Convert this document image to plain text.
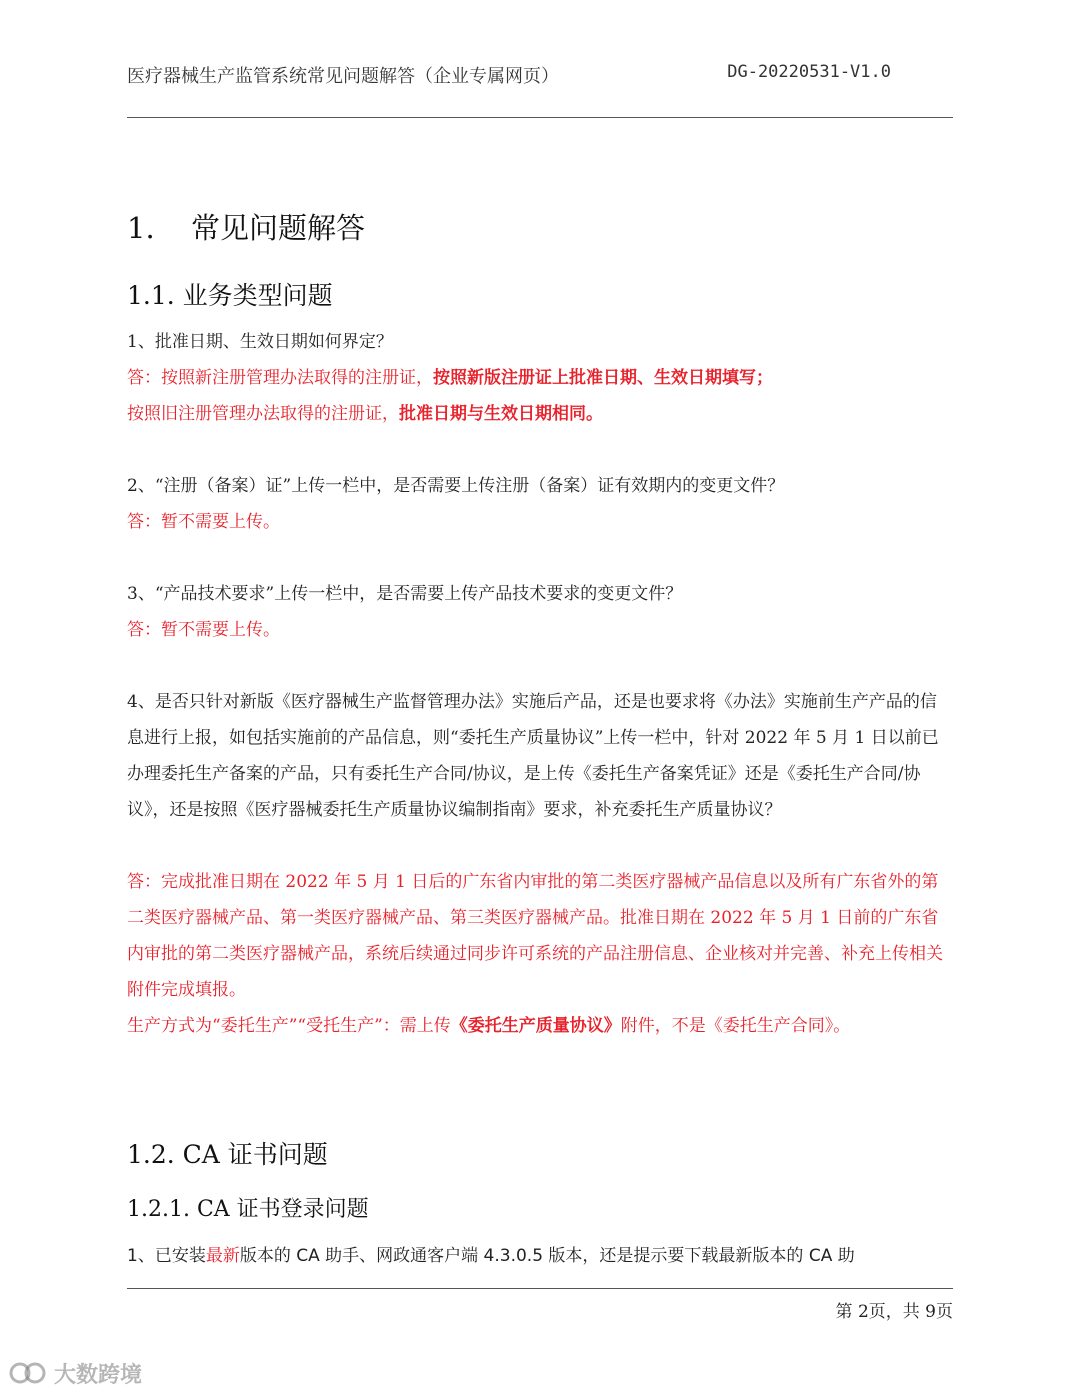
医疗器械生产监管系统常见问题解答（企业专属网页）	DG-20220531-V1.0
1. 常见问题解答
1.1. 业务类型问题

1、批准日期、生效日期如何界定？

答：按照新注册管理办法取得的注册证，按照新版注册证上批准日期、生效日期填写；
按照旧注册管理办法取得的注册证，批准日期与生效日期相同。

2、“注册（备案）证”上传一栏中，是否需要上传注册（备案）证有效期内的变更文件？

答：暂不需要上传。

3、“产品技术要求”上传一栏中，是否需要上传产品技术要求的变更文件？

答：暂不需要上传。

4、是否只针对新版《医疗器械生产监督管理办法》实施后产品，还是也要求将《办法》实施前生产产品的信息进行上报，如包括实施前的产品信息，则“委托生产质量协议”上传一栏中，针对 2022 年 5 月 1 日以前已办理委托生产备案的产品，只有委托生产合同/协议，是上传《委托生产备案凭证》还是《委托生产合同/协议》，还是按照《医疗器械委托生产质量协议编制指南》要求，补充委托生产质量协议？

答：完成批准日期在 2022 年 5 月 1 日后的广东省内审批的第二类医疗器械产品信息以及所有广东省外的第二类医疗器械产品、第一类医疗器械产品、第三类医疗器械产品。批准日期在 2022 年 5 月 1 日前的广东省内审批的第二类医疗器械产品，系统后续通过同步许可系统的产品注册信息、企业核对并完善、补充上传相关附件完成填报。

生产方式为“委托生产”“受托生产”：需上传《委托生产质量协议》附件，不是《委托生产合同》。

1.2. CA 证书问题
1.2.1. CA 证书登录问题

1、已安装最新版本的 CA 助手、网政通客户端 4.3.0.5 版本，还是提示要下载最新版本的 CA 助

第 2页，共 9页
大数跨境
